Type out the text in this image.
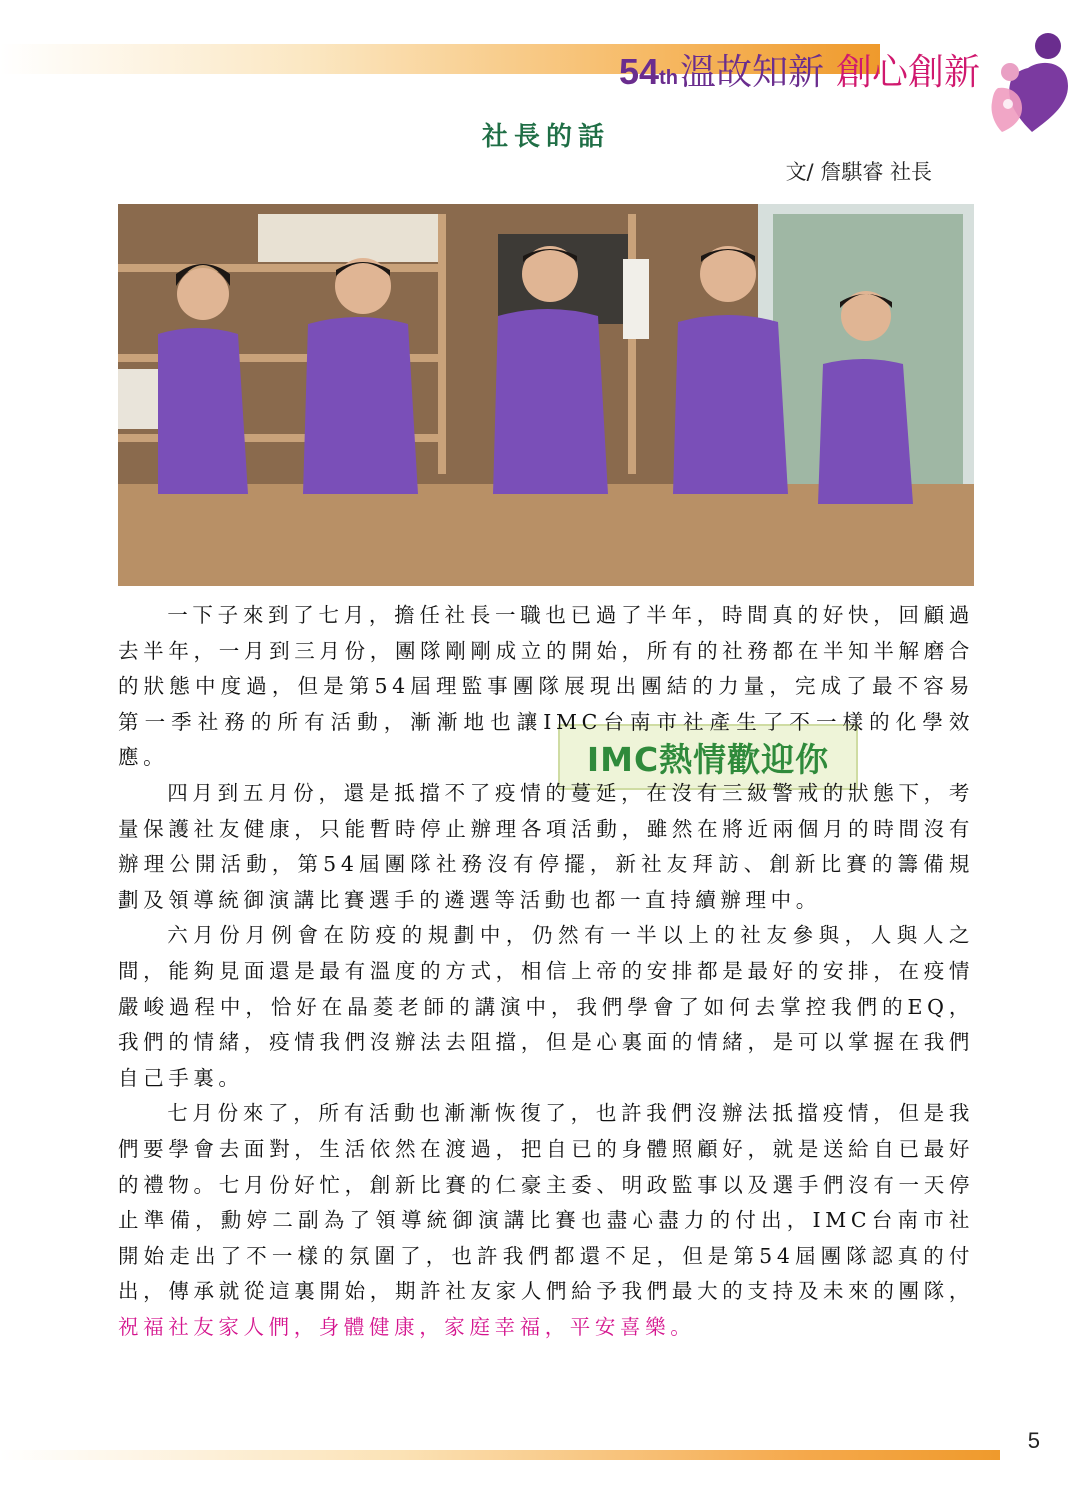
54 th 溫故知新 創心創新
社長的話
文/ 詹騏睿 社長
IMC熱情歡迎你

一下子來到了七月，擔任社長一職也已過了半年，時間真的好快，回顧過去半年，一月到三月份，團隊剛剛成立的開始，所有的社務都在半知半解磨合的狀態中度過，但是第54屆理監事團隊展現出團結的力量，完成了最不容易第一季社務的所有活動，漸漸地也讓IMC台南市社產生了不一樣的化學效應。

四月到五月份，還是抵擋不了疫情的蔓延，在沒有三級警戒的狀態下，考量保護社友健康，只能暫時停止辦理各項活動，雖然在將近兩個月的時間沒有辦理公開活動，第54屆團隊社務沒有停擺，新社友拜訪、創新比賽的籌備規劃及領導統御演講比賽選手的遴選等活動也都一直持續辦理中。

六月份月例會在防疫的規劃中，仍然有一半以上的社友參與，人與人之間，能夠見面還是最有溫度的方式，相信上帝的安排都是最好的安排，在疫情嚴峻過程中，恰好在晶菱老師的講演中，我們學會了如何去掌控我們的EQ，我們的情緒，疫情我們沒辦法去阻擋，但是心裏面的情緒，是可以掌握在我們自己手裏。

七月份來了，所有活動也漸漸恢復了，也許我們沒辦法抵擋疫情，但是我們要學會去面對，生活依然在渡過，把自已的身體照顧好，就是送給自已最好的禮物。七月份好忙，創新比賽的仁豪主委、明政監事以及選手們沒有一天停止準備，勳婷二副為了領導統御演講比賽也盡心盡力的付出，IMC台南市社開始走出了不一樣的氛圍了，也許我們都還不足，但是第54屆團隊認真的付出，傳承就從這裏開始，期許社友家人們給予我們最大的支持及未來的團隊，祝福社友家人們，身體健康，家庭幸福，平安喜樂。

5
